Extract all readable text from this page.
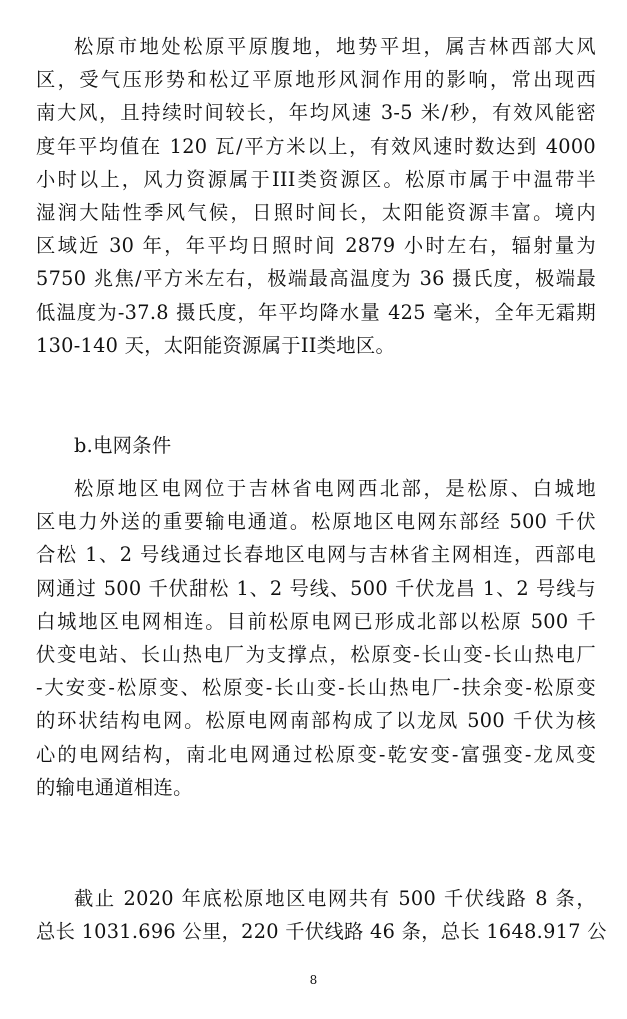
松原市地处松原平原腹地，地势平坦，属吉林西部大风
区，受气压形势和松辽平原地形风洞作用的影响，常出现西
南大风，且持续时间较长，年均风速 3-5 米/秒，有效风能密
度年平均值在 120 瓦/平方米以上，有效风速时数达到 4000
小时以上，风力资源属于III类资源区。松原市属于中温带半
湿润大陆性季风气候，日照时间长，太阳能资源丰富。境内
区域近 30 年，年平均日照时间 2879 小时左右，辐射量为
5750 兆焦/平方米左右，极端最高温度为 36 摄氏度，极端最
低温度为-37.8 摄氏度，年平均降水量 425 毫米，全年无霜期
130-140 天，太阳能资源属于II类地区。

b.电网条件

松原地区电网位于吉林省电网西北部，是松原、白城地
区电力外送的重要输电通道。松原地区电网东部经 500 千伏
合松 1、2 号线通过长春地区电网与吉林省主网相连，西部电
网通过 500 千伏甜松 1、2 号线、500 千伏龙昌 1、2 号线与
白城地区电网相连。目前松原电网已形成北部以松原 500 千
伏变电站、长山热电厂为支撑点，松原变-长山变-长山热电厂
-大安变-松原变、松原变-长山变-长山热电厂-扶余变-松原变
的环状结构电网。松原电网南部构成了以龙凤 500 千伏为核
心的电网结构，南北电网通过松原变-乾安变-富强变-龙凤变
的输电通道相连。

截止 2020 年底松原地区电网共有 500 千伏线路 8 条，
总长 1031.696 公里，220 千伏线路 46 条，总长 1648.917 公

8
